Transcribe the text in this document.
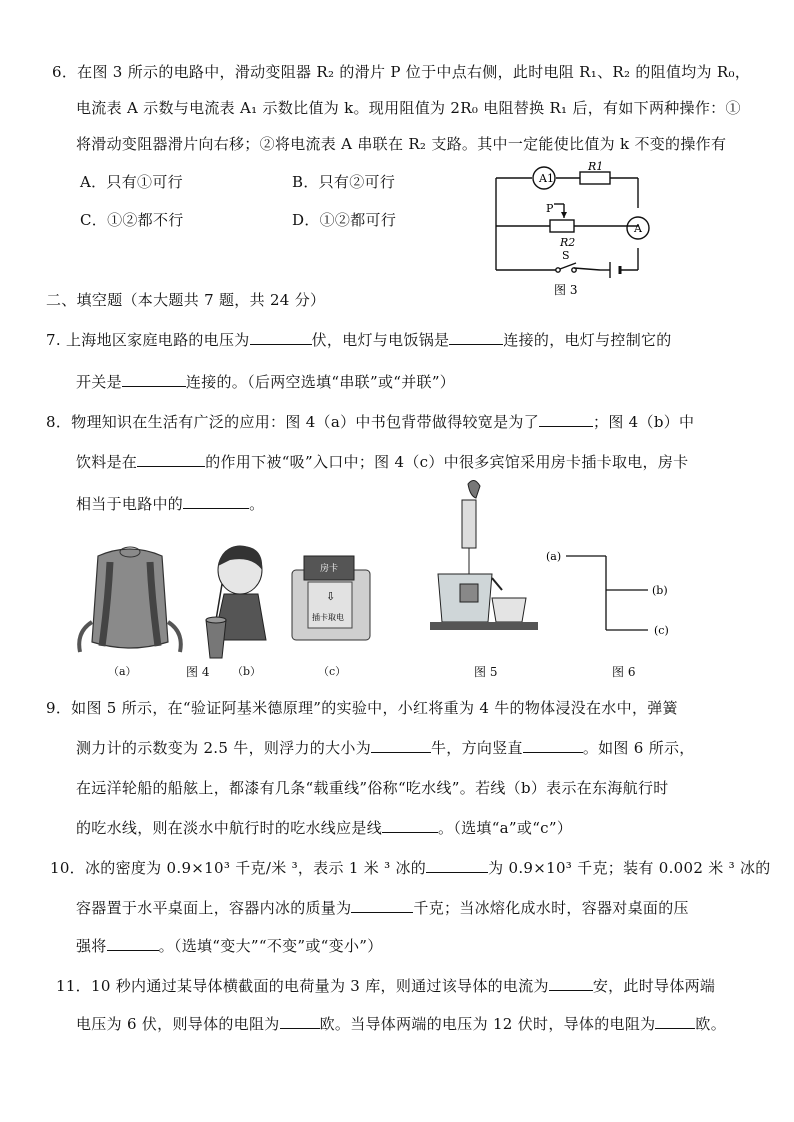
6．在图 3 所示的电路中，滑动变阻器 R₂ 的滑片 P 位于中点右侧，此时电阻 R₁、R₂ 的阻值均为 R₀，
电流表 A 示数与电流表 A₁ 示数比值为 k。现用阻值为 2R₀ 电阻替换 R₁ 后，有如下两种操作：①
将滑动变阻器滑片向右移；②将电流表 A 串联在 R₂ 支路。其中一定能使比值为 k 不变的操作有
A．只有①可行	B．只有②可行
C．①②都不行	D．①②都可行
A1
R1
P
R2
A
S
图 3
二、填空题（本大题共 7 题，共 24 分）
7. 上海地区家庭电路的电压为	伏，电灯与电饭锅是	连接的，电灯与控制它的
开关是	连接的。（后两空选填“串联”或“并联”）
8．物理知识在生活有广泛的应用：图 4（a）中书包背带做得较宽是为了	；图 4（b）中
饮料是在	的作用下被“吸”入口中；图 4（c）中很多宾馆采用房卡插卡取电，房卡
相当于电路中的	。
房卡
⇩
插卡取电
（a）	图 4 （b）	（c）	图 5
(a)
(b)
(c)
图 6
9．如图 5 所示，在“验证阿基米德原理”的实验中，小红将重为 4 牛的物体浸没在水中，弹簧
测力计的示数变为 2.5 牛，则浮力的大小为	牛，方向竖直	。如图 6 所示，
在远洋轮船的船舷上，都漆有几条“载重线”俗称“吃水线”。若线（b）表示在东海航行时
的吃水线，则在淡水中航行时的吃水线应是线	。（选填“a”或“c”）
10．冰的密度为 0.9×10³ 千克/米 ³，表示 1 米 ³ 冰的	为 0.9×10³ 千克；装有 0.002 米 ³ 冰的
容器置于水平桌面上，容器内冰的质量为	千克；当冰熔化成水时，容器对桌面的压
强将	。（选填“变大”“不变”或“变小”）
11．10 秒内通过某导体横截面的电荷量为 3 库，则通过该导体的电流为	安，此时导体两端
电压为 6 伏，则导体的电阻为	欧。当导体两端的电压为 12 伏时，导体的电阻为	欧。
